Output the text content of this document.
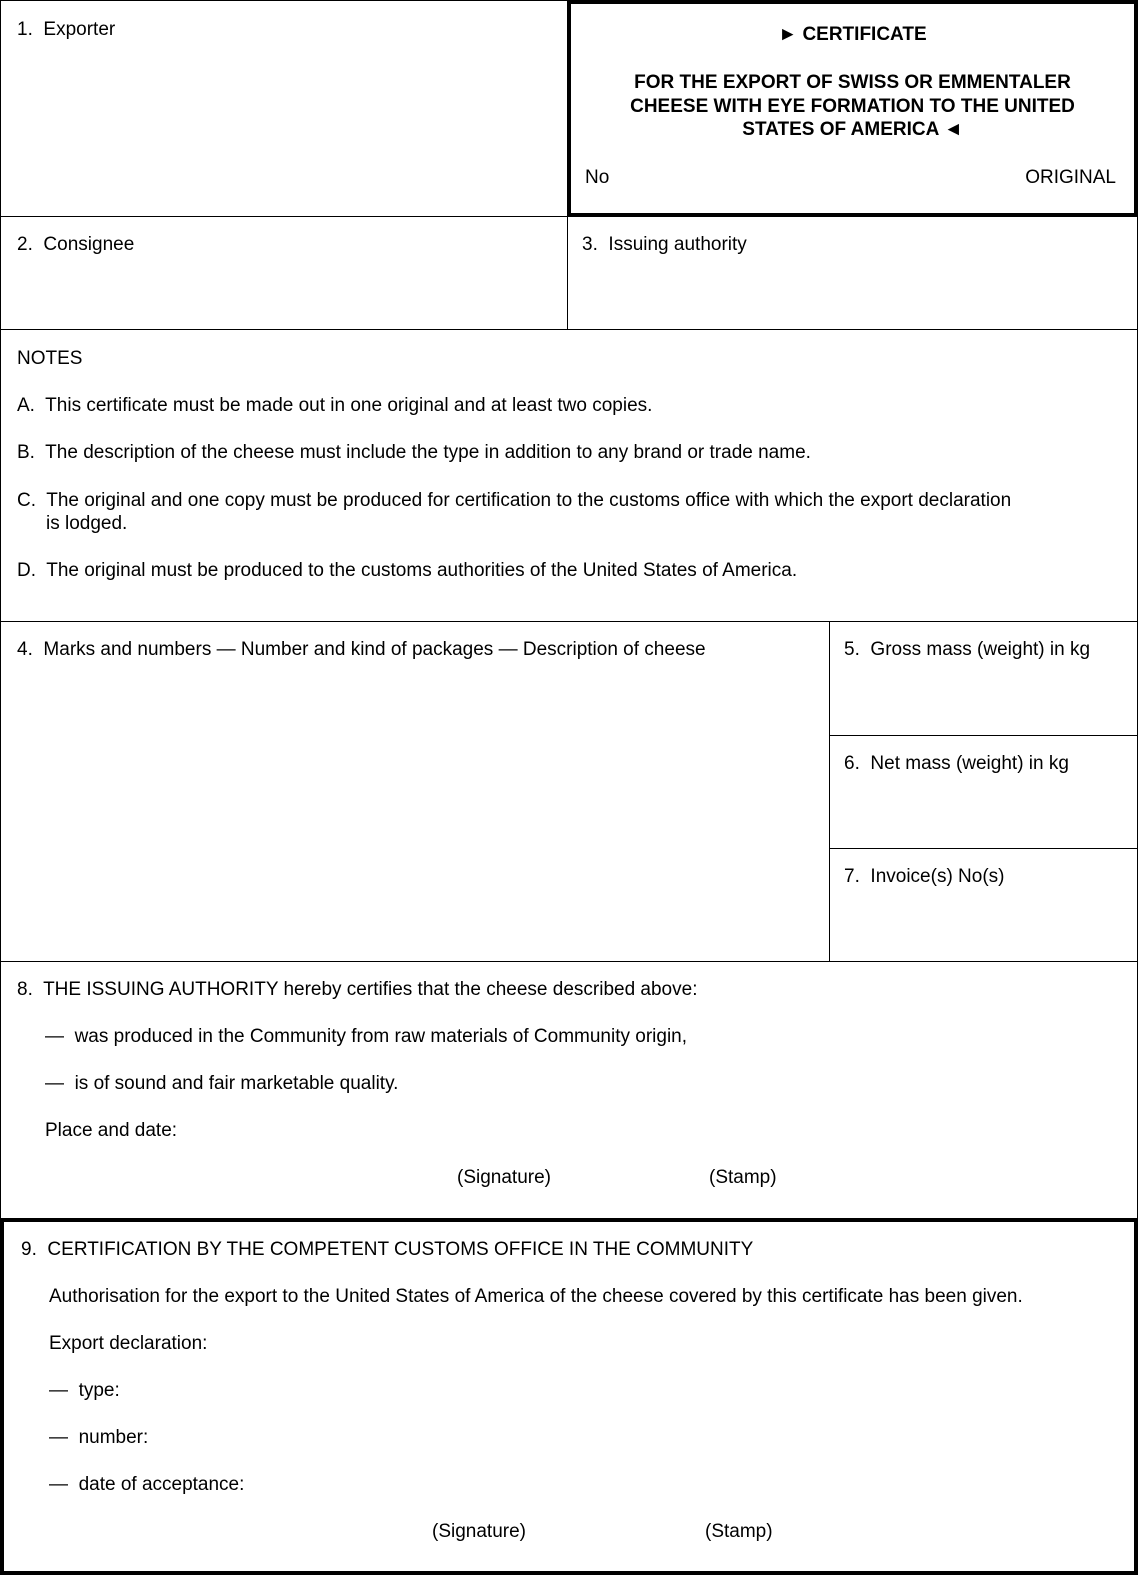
1. Exporter	► CERTIFICATE
FOR THE EXPORT OF SWISS OR EMMENTALER
CHEESE WITH EYE FORMATION TO THE UNITED
STATES OF AMERICA ◄
No	ORIGINAL
2. Consignee	3. Issuing authority
NOTES
A. This certificate must be made out in one original and at least two copies.
B. The description of the cheese must include the type in addition to any brand or trade name.
C. The original and one copy must be produced for certification to the customs office with which the export declaration
is lodged.
D. The original must be produced to the customs authorities of the United States of America.
4. Marks and numbers — Number and kind of packages — Description of cheese	5. Gross mass (weight) in kg
6. Net mass (weight) in kg
7. Invoice(s) No(s)
8. THE ISSUING AUTHORITY hereby certifies that the cheese described above:
— was produced in the Community from raw materials of Community origin,
— is of sound and fair marketable quality.
Place and date:
(Signature)	(Stamp)
9. CERTIFICATION BY THE COMPETENT CUSTOMS OFFICE IN THE COMMUNITY
Authorisation for the export to the United States of America of the cheese covered by this certificate has been given.
Export declaration:
— type:
— number:
— date of acceptance:
(Signature)	(Stamp)
